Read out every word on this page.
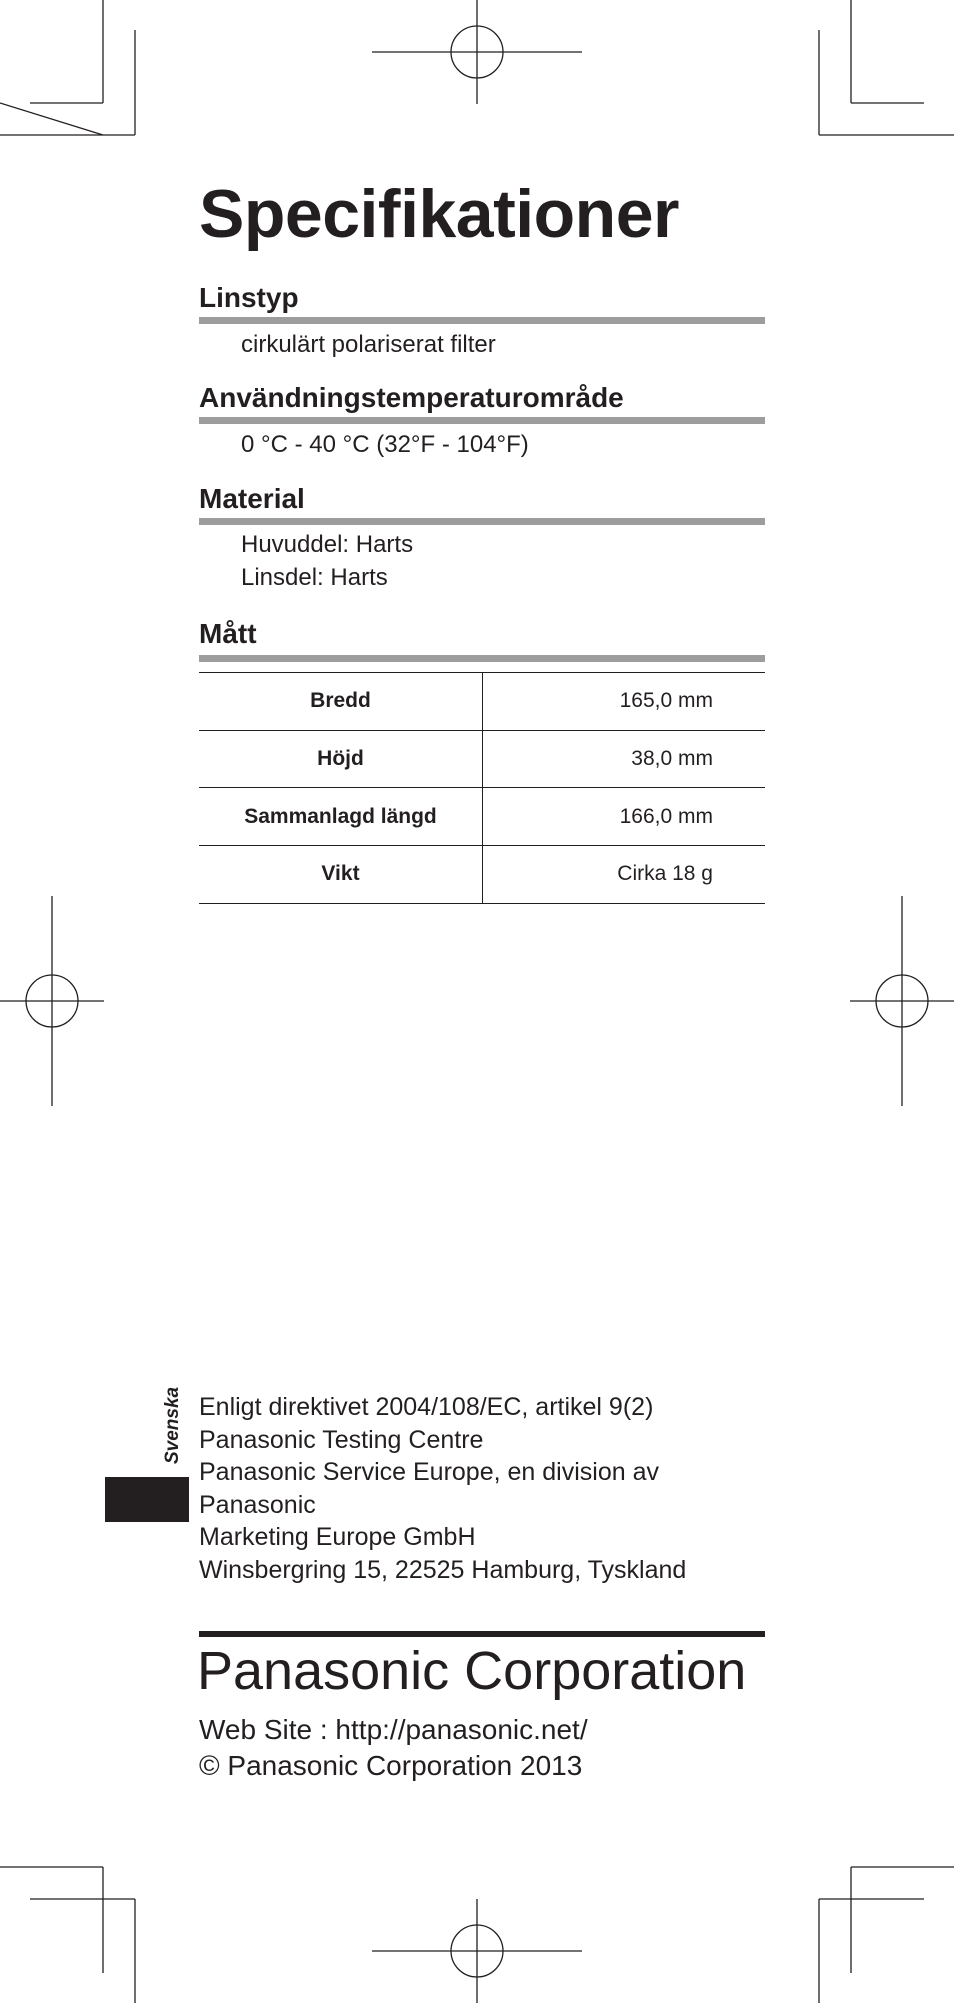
Specifikationer
Linstyp
cirkulärt polariserat filter
Användningstemperaturområde
0 °C - 40 °C (32°F - 104°F)
Material
Huvuddel: Harts
Linsdel: Harts
Mått
Bredd	165,0 mm
Höjd	38,0 mm
Sammanlagd längd	166,0 mm
Vikt	Cirka 18 g
Svenska Enligt direktivet 2004/108/EC, artikel 9(2)
Panasonic Testing Centre
Panasonic Service Europe, en division av
Panasonic
Marketing Europe GmbH
Winsbergring 15, 22525 Hamburg, Tyskland
Panasonic Corporation
Web Site : http://panasonic.net/
© Panasonic Corporation 2013
